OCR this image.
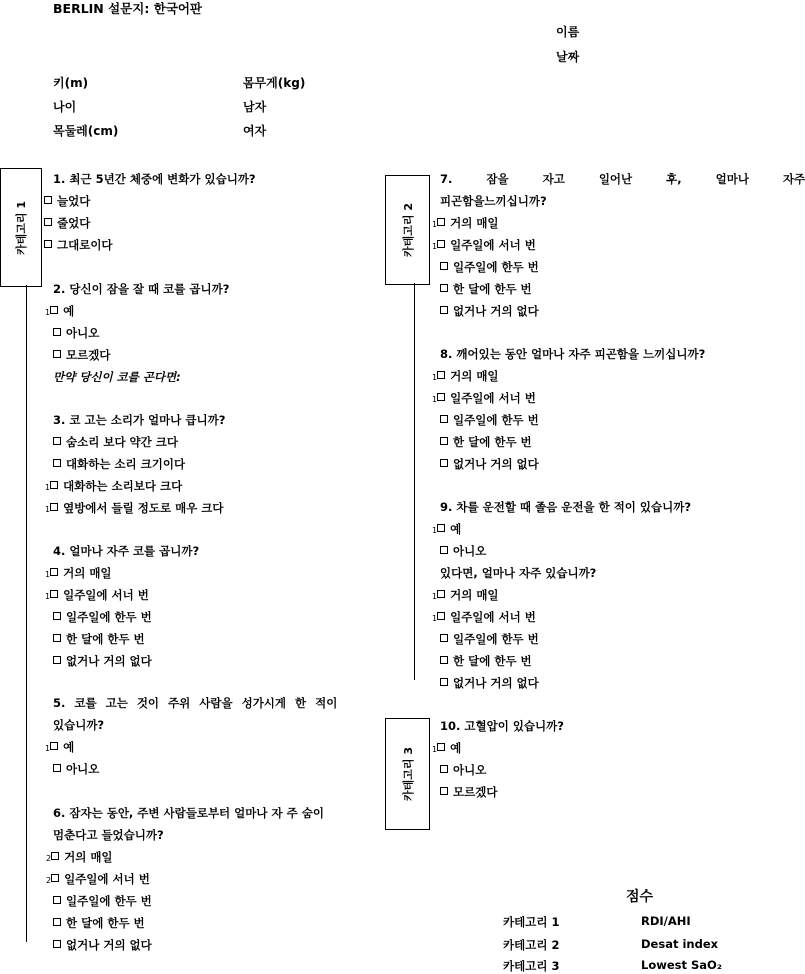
BERLIN 설문지: 한국어판
이름
날짜
키(m)	몸무게(kg)
나이	남자
목둘레(cm)	여자
카테고리 1	카테고리 2
카테고리 3
1. 최근 5년간 체중에 변화가 있습니까?
늘었다
줄었다
그대로이다
2. 당신이 잠을 잘 때 코를 곱니까?
1 예
아니오
모르겠다
만약 당신이 코를 곤다면:
3. 코 고는 소리가 얼마나 큽니까?
숨소리 보다 약간 크다
대화하는 소리 크기이다
1 대화하는 소리보다 크다
1 옆방에서 들릴 정도로 매우 크다
4. 얼마나 자주 코를 곱니까?
1 거의 매일
1 일주일에 서너 번
일주일에 한두 번
한 달에 한두 번
없거나 거의 없다
5. 코를 고는 것이 주위 사람을 성가시게 한 적이
있습니까?
1 예
아니오
6. 잠자는 동안, 주변 사람들로부터 얼마나 자 주 숨이
멈춘다고 들었습니까?
2 거의 매일
2 일주일에 서너 번
일주일에 한두 번
한 달에 한두 번
없거나 거의 없다
7. 잠을 자고 일어난 후, 얼마나 자주
피곤함을느끼십니까?
1 거의 매일
1 일주일에 서너 번
일주일에 한두 번
한 달에 한두 번
없거나 거의 없다
8. 깨어있는 동안 얼마나 자주 피곤함을 느끼십니까?
1 거의 매일
1 일주일에 서너 번
일주일에 한두 번
한 달에 한두 번
없거나 거의 없다
9. 차를 운전할 때 졸음 운전을 한 적이 있습니까?
1 예
아니오
있다면, 얼마나 자주 있습니까?
1 거의 매일
1 일주일에 서너 번
일주일에 한두 번
한 달에 한두 번
없거나 거의 없다
10. 고혈압이 있습니까?
1 예
아니오
모르겠다
점수
카테고리 1	RDI/AHI
카테고리 2	Desat index
카테고리 3	Lowest SaO₂
